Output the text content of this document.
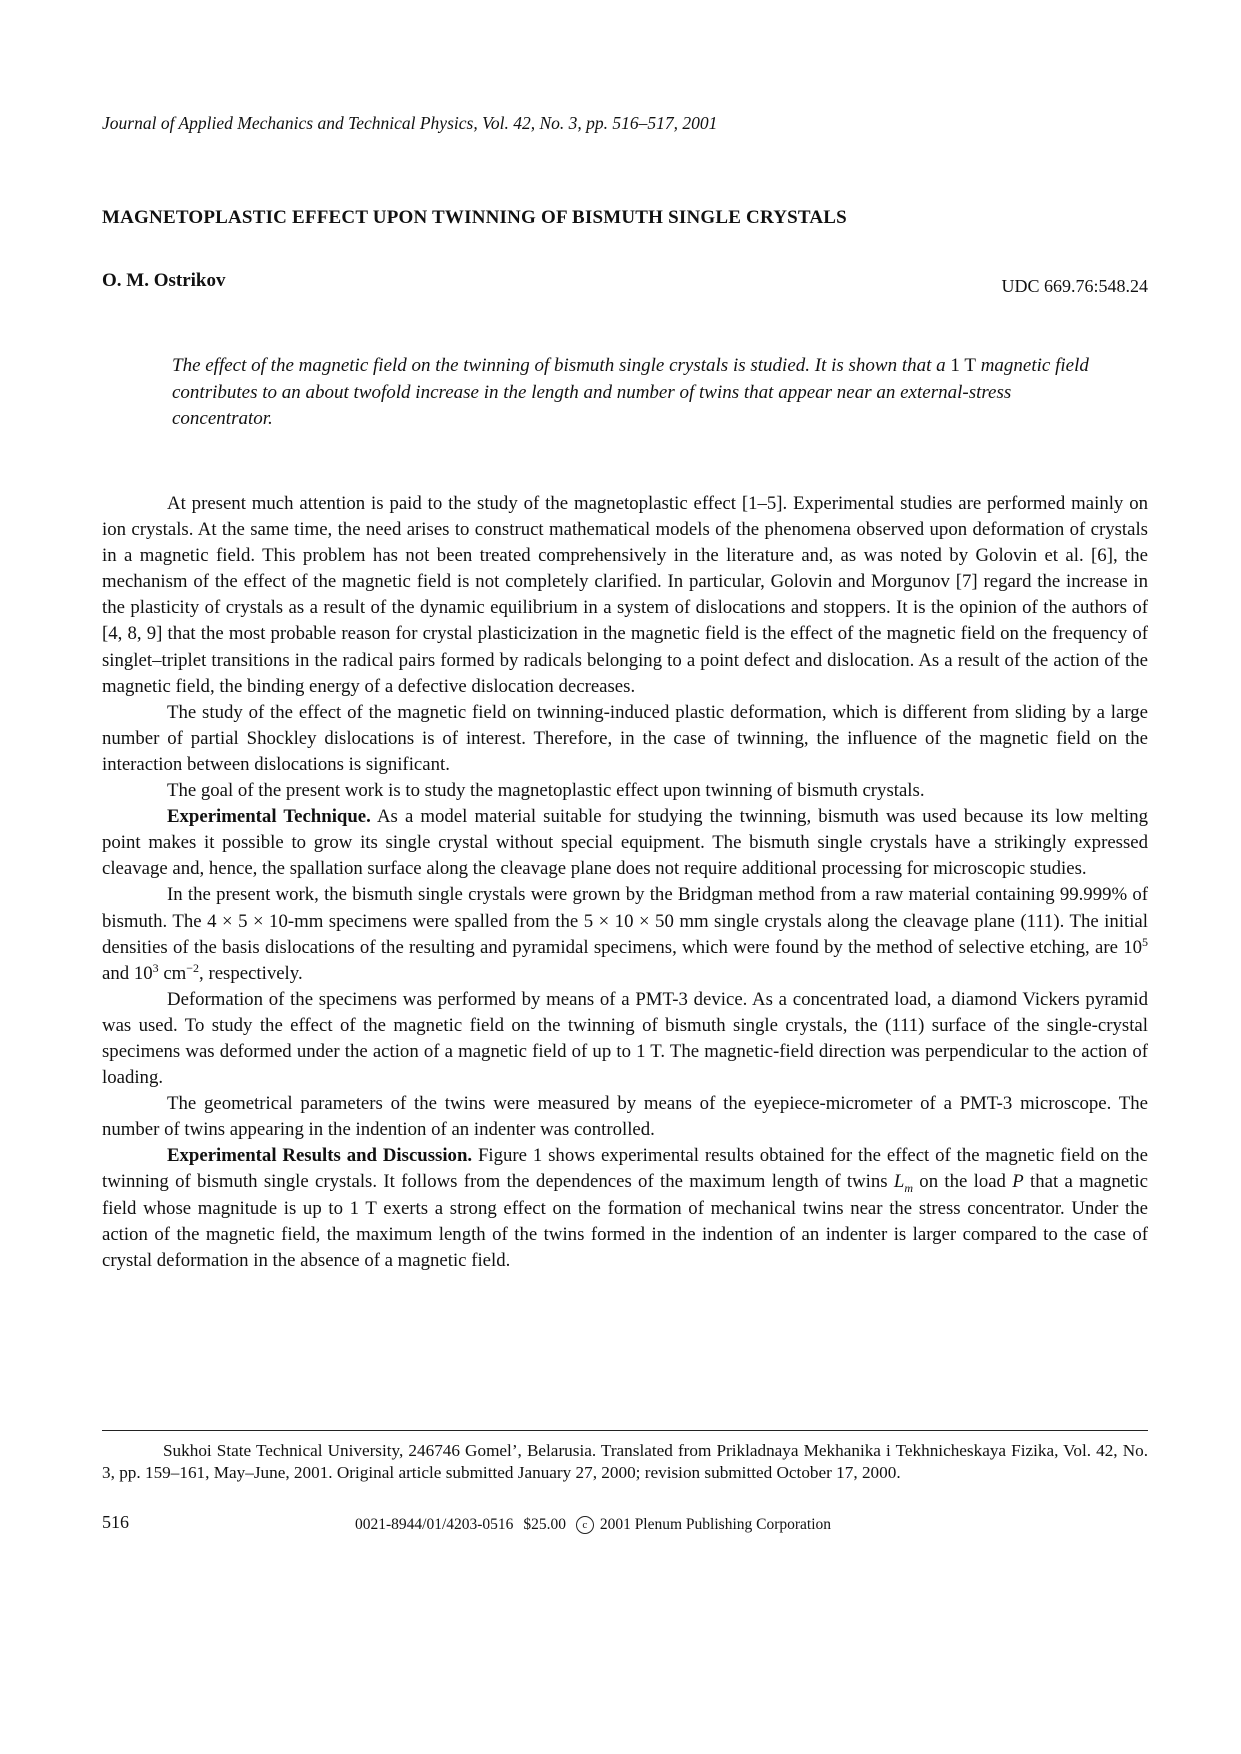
Journal of Applied Mechanics and Technical Physics, Vol. 42, No. 3, pp. 516–517, 2001
MAGNETOPLASTIC EFFECT UPON TWINNING OF BISMUTH SINGLE CRYSTALS
O. M. Ostrikov	UDC 669.76:548.24
The effect of the magnetic field on the twinning of bismuth single crystals is studied. It is shown that a 1 T magnetic field contributes to an about twofold increase in the length and number of twins that appear near an external-stress concentrator.

At present much attention is paid to the study of the magnetoplastic effect [1–5]. Experimental studies are performed mainly on ion crystals. At the same time, the need arises to construct mathematical models of the phenomena observed upon deformation of crystals in a magnetic field. This problem has not been treated comprehensively in the literature and, as was noted by Golovin et al. [6], the mechanism of the effect of the magnetic field is not completely clarified. In particular, Golovin and Morgunov [7] regard the increase in the plasticity of crystals as a result of the dynamic equilibrium in a system of dislocations and stoppers. It is the opinion of the authors of [4, 8, 9] that the most probable reason for crystal plasticization in the magnetic field is the effect of the magnetic field on the frequency of singlet–triplet transitions in the radical pairs formed by radicals belonging to a point defect and dislocation. As a result of the action of the magnetic field, the binding energy of a defective dislocation decreases.

The study of the effect of the magnetic field on twinning-induced plastic deformation, which is different from sliding by a large number of partial Shockley dislocations is of interest. Therefore, in the case of twinning, the influence of the magnetic field on the interaction between dislocations is significant.

The goal of the present work is to study the magnetoplastic effect upon twinning of bismuth crystals.

Experimental Technique. As a model material suitable for studying the twinning, bismuth was used because its low melting point makes it possible to grow its single crystal without special equipment. The bismuth single crystals have a strikingly expressed cleavage and, hence, the spallation surface along the cleavage plane does not require additional processing for microscopic studies.

In the present work, the bismuth single crystals were grown by the Bridgman method from a raw material containing 99.999% of bismuth. The 4 × 5 × 10-mm specimens were spalled from the 5 × 10 × 50 mm single crystals along the cleavage plane (111). The initial densities of the basis dislocations of the resulting and pyramidal specimens, which were found by the method of selective etching, are $10^5$ and $10^3$ $cm^{-2}$, respectively.

Deformation of the specimens was performed by means of a PMT-3 device. As a concentrated load, a diamond Vickers pyramid was used. To study the effect of the magnetic field on the twinning of bismuth single crystals, the (111) surface of the single-crystal specimens was deformed under the action of a magnetic field of up to 1 T. The magnetic-field direction was perpendicular to the action of loading.

The geometrical parameters of the twins were measured by means of the eyepiece-micrometer of a PMT-3 microscope. The number of twins appearing in the indention of an indenter was controlled.

Experimental Results and Discussion. Figure 1 shows experimental results obtained for the effect of the magnetic field on the twinning of bismuth single crystals. It follows from the dependences of the maximum length of twins $L_m$ on the load P that a magnetic field whose magnitude is up to 1 T exerts a strong effect on the formation of mechanical twins near the stress concentrator. Under the action of the magnetic field, the maximum length of the twins formed in the indention of an indenter is larger compared to the case of crystal deformation in the absence of a magnetic field.

Sukhoi State Technical University, 246746 Gomel’, Belarusia. Translated from Prikladnaya Mekhanika i Tekhnicheskaya Fizika, Vol. 42, No. 3, pp. 159–161, May–June, 2001. Original article submitted January 27, 2000; revision submitted October 17, 2000.

516	0021-8944/01/4203-0516 $25.00 c 2001 Plenum Publishing Corporation
